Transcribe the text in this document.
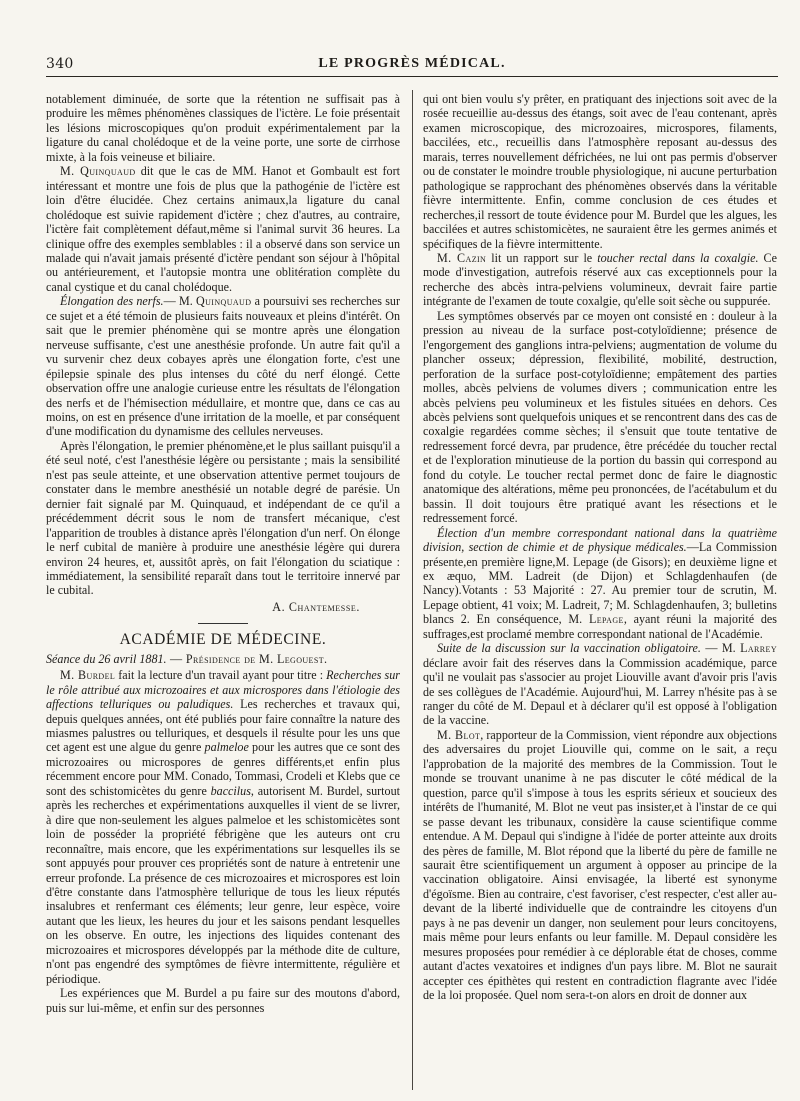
340	LE PROGRÈS MÉDICAL.

notablement diminuée, de sorte que la rétention ne suffisait pas à produire les mêmes phénomènes classiques de l'ictère. Le foie présentait les lésions microscopiques qu'on produit expérimentalement par la ligature du canal cholédoque et de la veine porte, une sorte de cirrhose mixte, à la fois veineuse et biliaire.

M. Quinquaud dit que le cas de MM. Hanot et Gombault est fort intéressant et montre une fois de plus que la pathogénie de l'ictère est loin d'être élucidée. Chez certains animaux,la ligature du canal cholédoque est suivie rapidement d'ictère ; chez d'autres, au contraire, l'ictère fait complètement défaut,même si l'animal survit 36 heures. La clinique offre des exemples semblables : il a observé dans son service un malade qui n'avait jamais présenté d'ictère pendant son séjour à l'hôpital ou antérieurement, et l'autopsie montra une oblitération complète du canal cystique et du canal cholédoque.

Élongation des nerfs.— M. Quinquaud a poursuivi ses recherches sur ce sujet et a été témoin de plusieurs faits nouveaux et pleins d'intérêt. On sait que le premier phénomène qui se montre après une élongation nerveuse suffisante, c'est une anesthésie profonde. Un autre fait qu'il a vu survenir chez deux cobayes après une élongation forte, c'est une épilepsie spinale des plus intenses du côté du nerf élongé. Cette observation offre une analogie curieuse entre les résultats de l'élongation des nerfs et de l'hémisection médullaire, et montre que, dans ce cas au moins, on est en présence d'une irritation de la moelle, et par conséquent d'une modification du dynamisme des cellules nerveuses.

Après l'élongation, le premier phénomène,et le plus saillant puisqu'il a été seul noté, c'est l'anesthésie légère ou persistante ; mais la sensibilité n'est pas seule atteinte, et une observation attentive permet toujours de constater dans le membre anesthésié un notable degré de parésie. Un dernier fait signalé par M. Quinquaud, et indépendant de ce qu'il a précédemment décrit sous le nom de transfert mécanique, c'est l'apparition de troubles à distance après l'élongation d'un nerf. On élonge le nerf cubital de manière à produire une anesthésie légère qui durera environ 24 heures, et, aussitôt après, on fait l'élongation du sciatique : immédiatement, la sensibilité reparaît dans tout le territoire innervé par le cubital.

A. Chantemesse.
ACADÉMIE DE MÉDECINE.

Séance du 26 avril 1881. — Présidence de M. Legouest.

M. Burdel fait la lecture d'un travail ayant pour titre : Recherches sur le rôle attribué aux microzoaires et aux microspores dans l'étiologie des affections telluriques ou paludiques. Les recherches et travaux qui, depuis quelques années, ont été publiés pour faire connaître la nature des miasmes palustres ou telluriques, et desquels il résulte pour les uns que cet agent est une algue du genre palmeloe pour les autres que ce sont des microzoaires ou microspores de genres différents,et enfin plus récemment encore pour MM. Conado, Tommasi, Crodeli et Klebs que ce sont des schistomicètes du genre baccilus, autorisent M. Burdel, surtout après les recherches et expérimentations auxquelles il vient de se livrer, à dire que non-seulement les algues palmeloe et les schistomicètes sont loin de posséder la propriété fébrigène que les auteurs ont cru reconnaître, mais encore, que les expérimentations sur lesquelles ils se sont appuyés pour prouver ces propriétés sont de nature à entretenir une erreur profonde. La présence de ces microzoaires et microspores est loin d'être constante dans l'atmosphère tellurique de tous les lieux réputés insalubres et renfermant ces éléments; leur genre, leur espèce, voire autant que les lieux, les heures du jour et les saisons pendant lesquelles on les observe. En outre, les injections des liquides contenant des microzoaires et microspores développés par la méthode dite de culture, n'ont pas engendré des symptômes de fièvre intermittente, régulière et périodique.

Les expériences que M. Burdel a pu faire sur des moutons d'abord, puis sur lui-même, et enfin sur des personnes

qui ont bien voulu s'y prêter, en pratiquant des injections soit avec de la rosée recueillie au-dessus des étangs, soit avec de l'eau contenant, après examen microscopique, des microzoaires, microspores, filaments, baccilées, etc., recueillis dans l'atmosphère reposant au-dessus des marais, terres nouvellement défrichées, ne lui ont pas permis d'observer ou de constater le moindre trouble physiologique, ni aucune perturbation pathologique se rapprochant des phénomènes observés dans la véritable fièvre intermittente. Enfin, comme conclusion de ces études et recherches,il ressort de toute évidence pour M. Burdel que les algues, les baccilées et autres schistomicètes, ne sauraient être les germes animés et spécifiques de la fièvre intermittente.

M. Cazin lit un rapport sur le toucher rectal dans la coxalgie. Ce mode d'investigation, autrefois réservé aux cas exceptionnels pour la recherche des abcès intra-pelviens volumineux, devrait faire partie intégrante de l'examen de toute coxalgie, qu'elle soit sèche ou suppurée.

Les symptômes observés par ce moyen ont consisté en : douleur à la pression au niveau de la surface post-cotyloïdienne; présence de l'engorgement des ganglions intra-pelviens; augmentation de volume du plancher osseux; dépression, flexibilité, mobilité, destruction, perforation de la surface post-cotyloïdienne; empâtement des parties molles, abcès pelviens de volumes divers ; communication entre les abcès pelviens peu volumineux et les fistules situées en dehors. Ces abcès pelviens sont quelquefois uniques et se rencontrent dans des cas de coxalgie regardées comme sèches; il s'ensuit que toute tentative de redressement forcé devra, par prudence, être précédée du toucher rectal et de l'exploration minutieuse de la portion du bassin qui correspond au fond du cotyle. Le toucher rectal permet donc de faire le diagnostic anatomique des altérations, même peu prononcées, de l'acétabulum et du bassin. Il doit toujours être pratiqué avant les résections et le redressement forcé.

Élection d'un membre correspondant national dans la quatrième division, section de chimie et de physique médicales.—La Commission présente,en première ligne,M. Lepage (de Gisors); en deuxième ligne et ex æquo, MM. Ladreit (de Dijon) et Schlagdenhaufen (de Nancy).Votants : 53 Majorité : 27. Au premier tour de scrutin, M. Lepage obtient, 41 voix; M. Ladreit, 7; M. Schlagdenhaufen, 3; bulletins blancs 2. En conséquence, M. Lepage, ayant réuni la majorité des suffrages,est proclamé membre correspondant national de l'Académie.

Suite de la discussion sur la vaccination obligatoire. — M. Larrey déclare avoir fait des réserves dans la Commission académique, parce qu'il ne voulait pas s'associer au projet Liouville avant d'avoir pris l'avis de ses collègues de l'Académie. Aujourd'hui, M. Larrey n'hésite pas à se ranger du côté de M. Depaul et à déclarer qu'il est opposé à l'obligation de la vaccine.

M. Blot, rapporteur de la Commission, vient répondre aux objections des adversaires du projet Liouville qui, comme on le sait, a reçu l'approbation de la majorité des membres de la Commission. Tout le monde se trouvant unanime à ne pas discuter le côté médical de la question, parce qu'il s'impose à tous les esprits sérieux et soucieux des intérêts de l'humanité, M. Blot ne veut pas insister,et à l'instar de ce qui se passe devant les tribunaux, considère la cause scientifique comme entendue. A M. Depaul qui s'indigne à l'idée de porter atteinte aux droits des pères de famille, M. Blot répond que la liberté du père de famille ne saurait être scientifiquement un argument à opposer au principe de la vaccination obligatoire. Ainsi envisagée, la liberté est synonyme d'égoïsme. Bien au contraire, c'est favoriser, c'est respecter, c'est aller au-devant de la liberté individuelle que de contraindre les citoyens d'un pays à ne pas devenir un danger, non seulement pour leurs concitoyens, mais même pour leurs enfants ou leur famille. M. Depaul considère les mesures proposées pour remédier à ce déplorable état de choses, comme autant d'actes vexatoires et indignes d'un pays libre. M. Blot ne saurait accepter ces épithètes qui restent en contradiction flagrante avec l'idée de la loi proposée. Quel nom sera-t-on alors en droit de donner aux
